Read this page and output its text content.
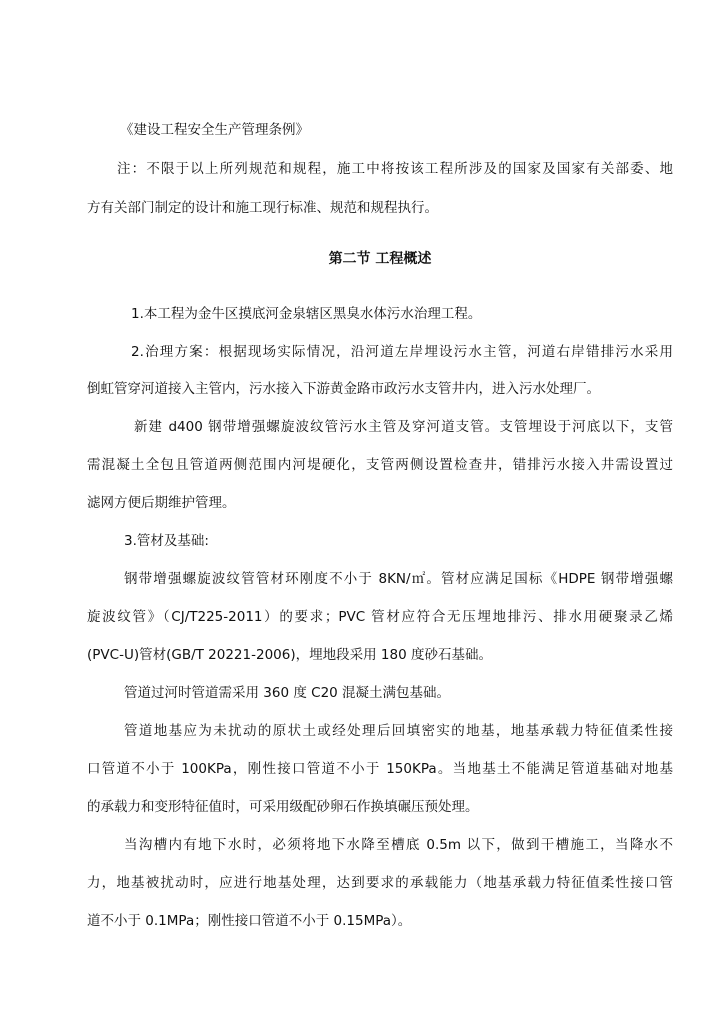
《建设工程安全生产管理条例》
注：不限于以上所列规范和规程，施工中将按该工程所涉及的国家及国家有关部委、地
方有关部门制定的设计和施工现行标准、规范和规程执行。
第二节 工程概述
1.本工程为金牛区摸底河金泉辖区黑臭水体污水治理工程。
2.治理方案：根据现场实际情况，沿河道左岸埋设污水主管，河道右岸错排污水采用
倒虹管穿河道接入主管内，污水接入下游黄金路市政污水支管井内，进入污水处理厂。
新建 d400 钢带增强螺旋波纹管污水主管及穿河道支管。支管埋设于河底以下，支管
需混凝土全包且管道两侧范围内河堤硬化，支管两侧设置检查井，错排污水接入井需设置过
滤网方便后期维护管理。
3.管材及基础:
钢带增强螺旋波纹管管材环刚度不小于 8KN/㎡。管材应满足国标《HDPE 钢带增强螺
旋波纹管》（CJ/T225-2011）的要求；PVC 管材应符合无压埋地排污、排水用硬聚录乙烯
(PVC-U)管材(GB/T 20221-2006)，埋地段采用 180 度砂石基础。
管道过河时管道需采用 360 度 C20 混凝土满包基础。
管道地基应为未扰动的原状土或经处理后回填密实的地基，地基承载力特征值柔性接
口管道不小于 100KPa，刚性接口管道不小于 150KPa。当地基土不能满足管道基础对地基
的承载力和变形特征值时，可采用级配砂卵石作换填碾压预处理。
当沟槽内有地下水时，必须将地下水降至槽底 0.5m 以下，做到干槽施工，当降水不
力，地基被扰动时，应进行地基处理，达到要求的承载能力（地基承载力特征值柔性接口管
道不小于 0.1MPa；刚性接口管道不小于 0.15MPa）。
